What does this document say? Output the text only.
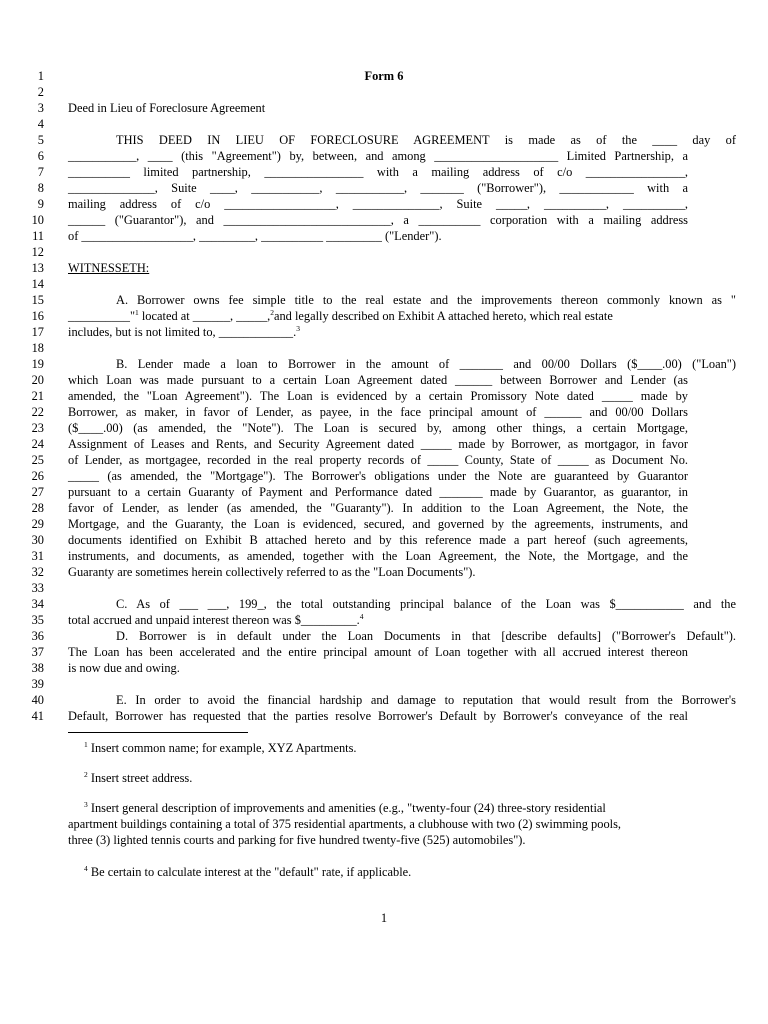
1	Form 6
2
3 Deed in Lieu of Foreclosure Agreement
4
5	THIS DEED IN LIEU OF FORECLOSURE AGREEMENT is made as of the ____ day of
6 ___________, ____ (this "Agreement") by, between, and among ____________________ Limited Partnership, a
7 __________ limited partnership, ________________ with a mailing address of c/o ________________,
8 ______________, Suite ____, ___________, ___________, _______ ("Borrower"), ____________ with a
9 mailing address of c/o __________________, ______________, Suite _____, __________, __________,
10 ______ ("Guarantor"), and ___________________________, a __________ corporation with a mailing address
11 of __________________, _________, __________ _________ ("Lender").
12
13 WITNESSETH:
14
15	A. Borrower owns fee simple title to the real estate and the improvements thereon commonly known as "
16 __________"$^1$ located at ______, _____,$^2$and legally described on Exhibit A attached hereto, which real estate
17 includes, but is not limited to, ____________.$^3$
18
19	B. Lender made a loan to Borrower in the amount of _______ and 00/00 Dollars ($____.00) ("Loan")
20 which Loan was made pursuant to a certain Loan Agreement dated ______ between Borrower and Lender (as
21 amended, the "Loan Agreement"). The Loan is evidenced by a certain Promissory Note dated _____ made by
22 Borrower, as maker, in favor of Lender, as payee, in the face principal amount of ______ and 00/00 Dollars
23 ($____.00) (as amended, the "Note"). The Loan is secured by, among other things, a certain Mortgage,
24 Assignment of Leases and Rents, and Security Agreement dated _____ made by Borrower, as mortgagor, in favor
25 of Lender, as mortgagee, recorded in the real property records of _____ County, State of _____ as Document No.
26 _____ (as amended, the "Mortgage"). The Borrower's obligations under the Note are guaranteed by Guarantor
27 pursuant to a certain Guaranty of Payment and Performance dated _______ made by Guarantor, as guarantor, in
28 favor of Lender, as lender (as amended, the "Guaranty"). In addition to the Loan Agreement, the Note, the
29 Mortgage, and the Guaranty, the Loan is evidenced, secured, and governed by the agreements, instruments, and
30 documents identified on Exhibit B attached hereto and by this reference made a part hereof (such agreements,
31 instruments, and documents, as amended, together with the Loan Agreement, the Note, the Mortgage, and the
32 Guaranty are sometimes herein collectively referred to as the "Loan Documents").
33
34	C. As of ___ ___, 199_, the total outstanding principal balance of the Loan was $___________ and the
35 total accrued and unpaid interest thereon was $_________.$^4$
36	D. Borrower is in default under the Loan Documents in that [describe defaults] ("Borrower's Default").
37 The Loan has been accelerated and the entire principal amount of Loan together with all accrued interest thereon
38 is now due and owing.
39
40	E. In order to avoid the financial hardship and damage to reputation that would result from the Borrower's
41 Default, Borrower has requested that the parties resolve Borrower's Default by Borrower's conveyance of the real
$^1$ Insert common name; for example, XYZ Apartments.
$^2$ Insert street address.
$^3$ Insert general description of improvements and amenities (e.g., "twenty-four (24) three-story residential
apartment buildings containing a total of 375 residential apartments, a clubhouse with two (2) swimming pools,
three (3) lighted tennis courts and parking for five hundred twenty-five (525) automobiles").
$^4$ Be certain to calculate interest at the "default" rate, if applicable.
1
